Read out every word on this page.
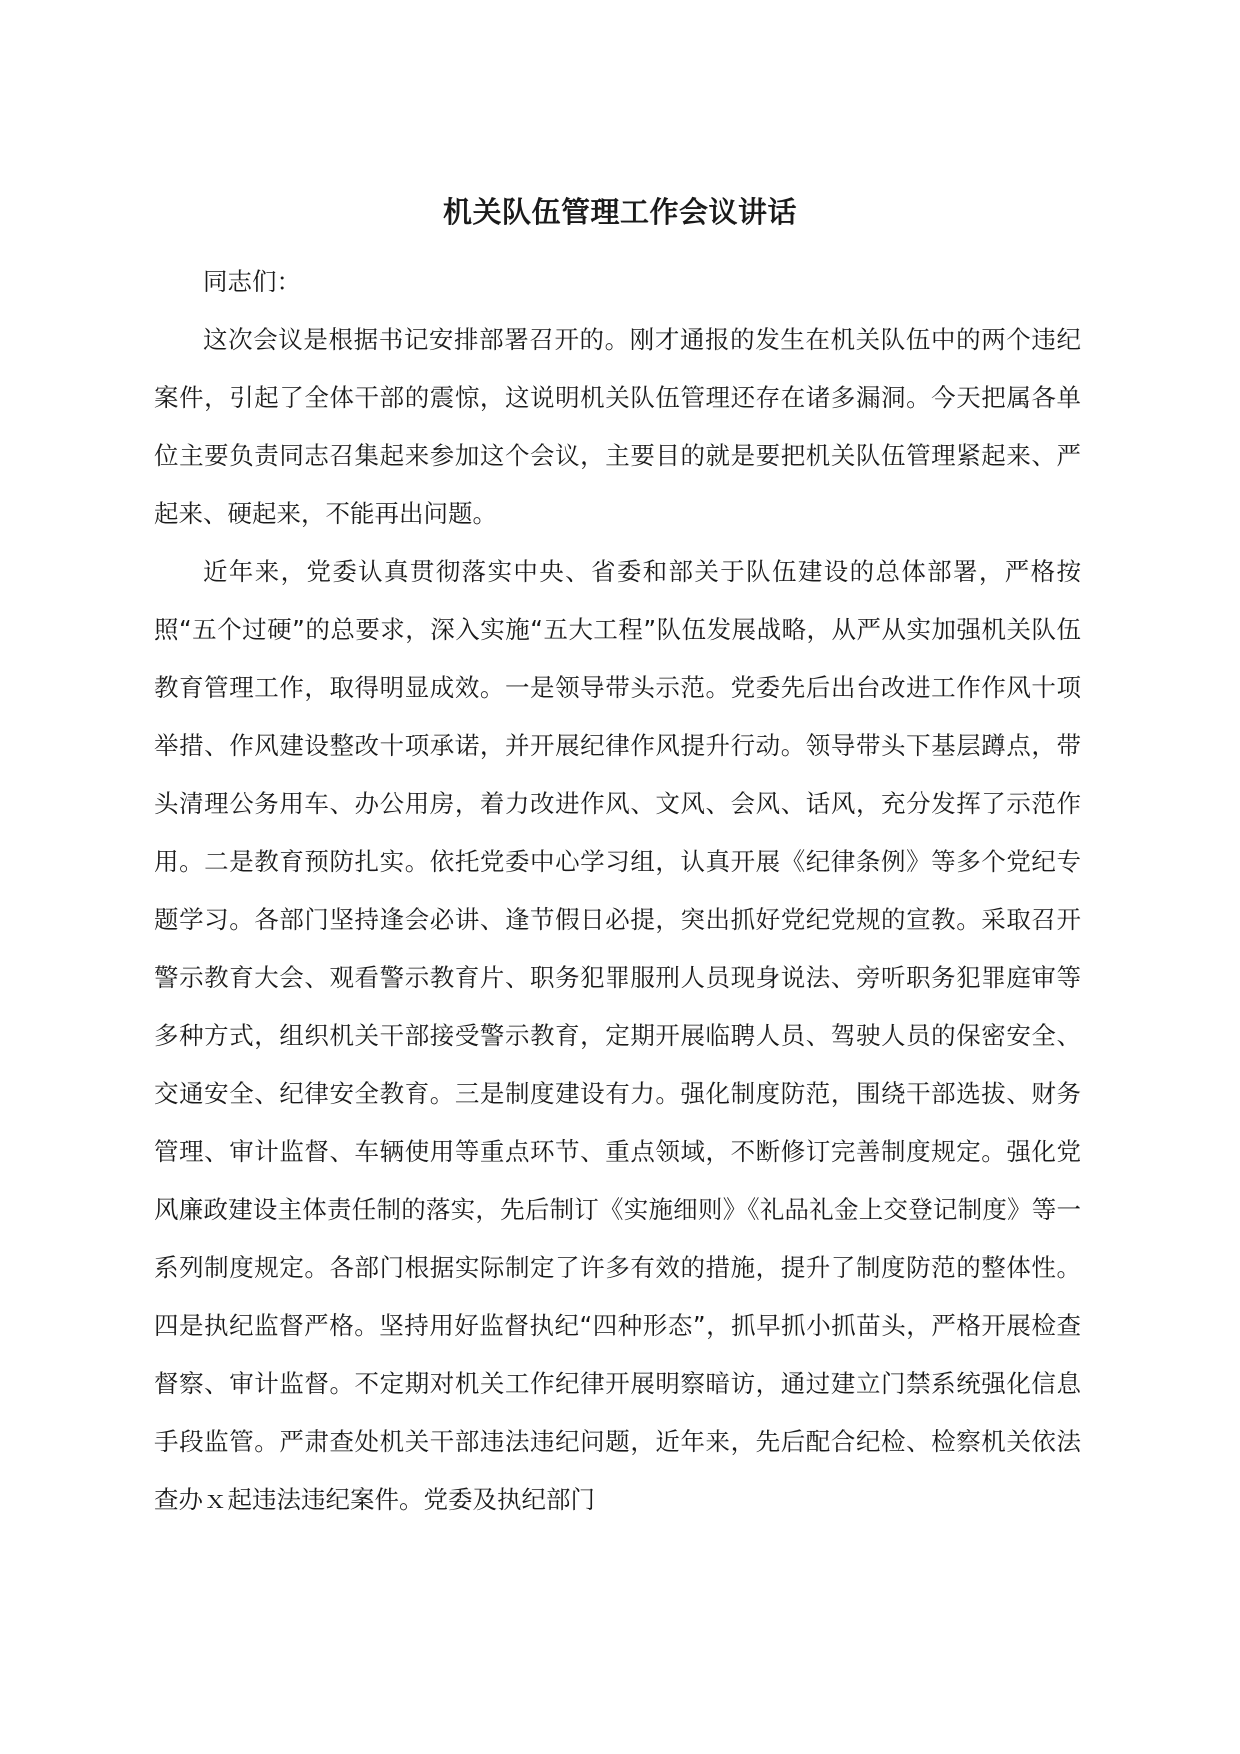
机关队伍管理工作会议讲话

同志们：

这次会议是根据书记安排部署召开的。刚才通报的发生在机关队伍中的两个违纪案件，引起了全体干部的震惊，这说明机关队伍管理还存在诸多漏洞。今天把属各单位主要负责同志召集起来参加这个会议，主要目的就是要把机关队伍管理紧起来、严起来、硬起来，不能再出问题。

近年来，党委认真贯彻落实中央、省委和部关于队伍建设的总体部署，严格按照“五个过硬”的总要求，深入实施“五大工程”队伍发展战略，从严从实加强机关队伍教育管理工作，取得明显成效。一是领导带头示范。党委先后出台改进工作作风十项举措、作风建设整改十项承诺，并开展纪律作风提升行动。领导带头下基层蹲点，带头清理公务用车、办公用房，着力改进作风、文风、会风、话风，充分发挥了示范作用。二是教育预防扎实。依托党委中心学习组，认真开展《纪律条例》等多个党纪专题学习。各部门坚持逢会必讲、逢节假日必提，突出抓好党纪党规的宣教。采取召开警示教育大会、观看警示教育片、职务犯罪服刑人员现身说法、旁听职务犯罪庭审等多种方式，组织机关干部接受警示教育，定期开展临聘人员、驾驶人员的保密安全、交通安全、纪律安全教育。三是制度建设有力。强化制度防范，围绕干部选拔、财务管理、审计监督、车辆使用等重点环节、重点领域，不断修订完善制度规定。强化党风廉政建设主体责任制的落实，先后制订《实施细则》《礼品礼金上交登记制度》等一系列制度规定。各部门根据实际制定了许多有效的措施，提升了制度防范的整体性。四是执纪监督严格。坚持用好监督执纪“四种形态”，抓早抓小抓苗头，严格开展检查督察、审计监督。不定期对机关工作纪律开展明察暗访，通过建立门禁系统强化信息手段监管。严肃查处机关干部违法违纪问题，近年来，先后配合纪检、检察机关依法查办ｘ起违法违纪案件。党委及执纪部门
